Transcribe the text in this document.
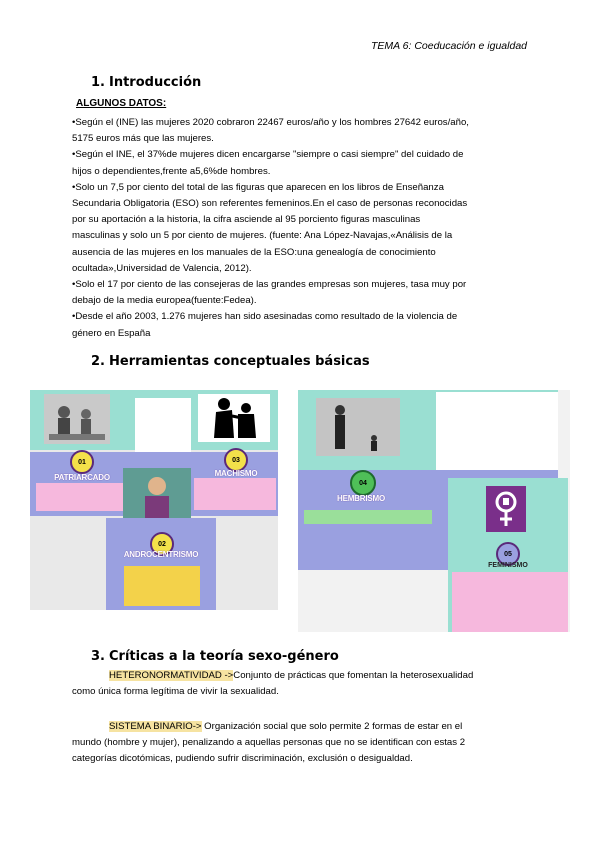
TEMA 6: Coeducación e igualdad
1. Introducción
ALGUNOS DATOS:
•Según el (INE) las mujeres 2020 cobraron 22467 euros/año y los hombres 27642 euros/año,
5175 euros más que las mujeres.
•Según el INE, el 37%de mujeres dicen encargarse "siempre o casi siempre" del cuidado de
hijos o dependientes,frente a5,6%de hombres.
•Solo un 7,5 por ciento del total de las figuras que aparecen en los libros de Enseñanza
Secundaria Obligatoria (ESO) son referentes femeninos.En el caso de personas reconocidas
por su aportación a la historia, la cifra asciende al 95 porciento figuras masculinas
masculinas y solo un 5 por ciento de mujeres. (fuente: Ana López-Navajas,«Análisis de la
ausencia de las mujeres en los manuales de la ESO:una genealogía de conocimiento
ocultada»,Universidad de Valencia, 2012).
•Solo el 17 por ciento de las consejeras de las grandes empresas son mujeres, tasa muy por
debajo de la media europea(fuente:Fedea).
•Desde el año 2003, 1.276 mujeres han sido asesinadas como resultado de la violencia de
género en España
2. Herramientas conceptuales básicas
01
PATRIARCADO
03
MACHISMO
02
ANDROCENTRISMO
04
HEMBRISMO
05
FEMINISMO
3. Críticas a la teoría sexo-género
HETERONORMATIVIDAD ->Conjunto de prácticas que fomentan la heterosexualidad
como única forma legítima de vivir la sexualidad.
SISTEMA BINARIO-> Organización social que solo permite 2 formas de estar en el
mundo (hombre y mujer), penalizando a aquellas personas que no se identifican con estas 2
categorías dicotómicas, pudiendo sufrir discriminación, exclusión o desigualdad.
